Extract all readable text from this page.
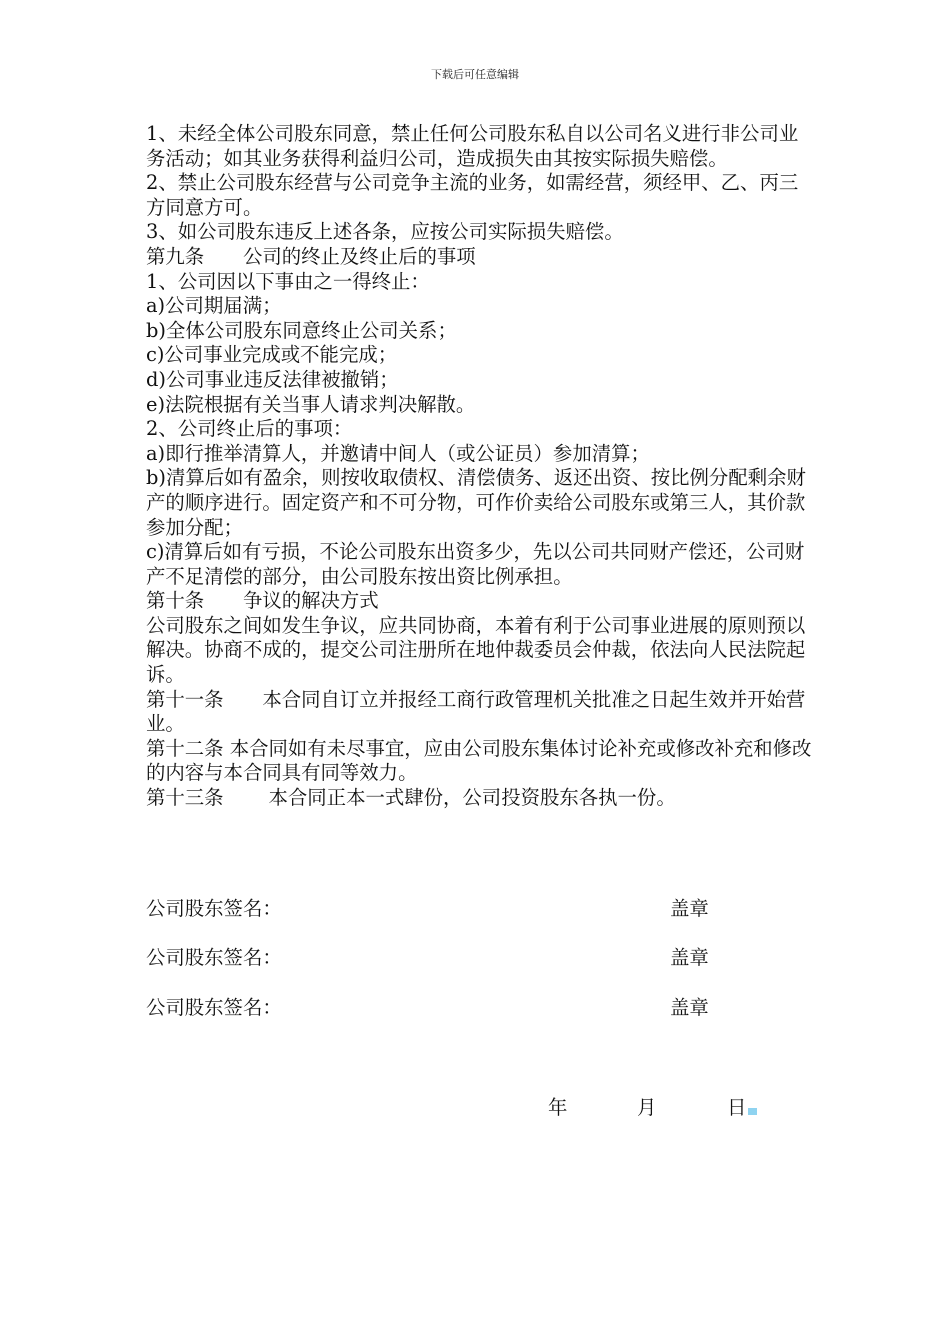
下载后可任意编辑

1、未经全体公司股东同意，禁止任何公司股东私自以公司名义进行非公司业务活动；如其业务获得利益归公司，造成损失由其按实际损失赔偿。

2、禁止公司股东经营与公司竞争主流的业务，如需经营，须经甲、乙、丙三方同意方可。

3、如公司股东违反上述各条，应按公司实际损失赔偿。

第九条　　公司的终止及终止后的事项

1、公司因以下事由之一得终止：

a)公司期届满；

b)全体公司股东同意终止公司关系；

c)公司事业完成或不能完成；

d)公司事业违反法律被撤销；

e)法院根据有关当事人请求判决解散。

2、公司终止后的事项：

a)即行推举清算人，并邀请中间人（或公证员）参加清算；

b)清算后如有盈余，则按收取债权、清偿债务、返还出资、按比例分配剩余财产的顺序进行。固定资产和不可分物，可作价卖给公司股东或第三人，其价款参加分配；

c)清算后如有亏损，不论公司股东出资多少，先以公司共同财产偿还，公司财产不足清偿的部分，由公司股东按出资比例承担。

第十条　　争议的解决方式

公司股东之间如发生争议，应共同协商，本着有利于公司事业进展的原则预以解决。协商不成的，提交公司注册所在地仲裁委员会仲裁，依法向人民法院起诉。

第十一条　　本合同自订立并报经工商行政管理机关批准之日起生效并开始营业。

第十二条 本合同如有未尽事宜，应由公司股东集体讨论补充或修改补充和修改的内容与本合同具有同等效力。

第十三条　　 本合同正本一式肆份，公司投资股东各执一份。

公司股东签名：	盖章
公司股东签名：	盖章
公司股东签名：	盖章
年	月	日
